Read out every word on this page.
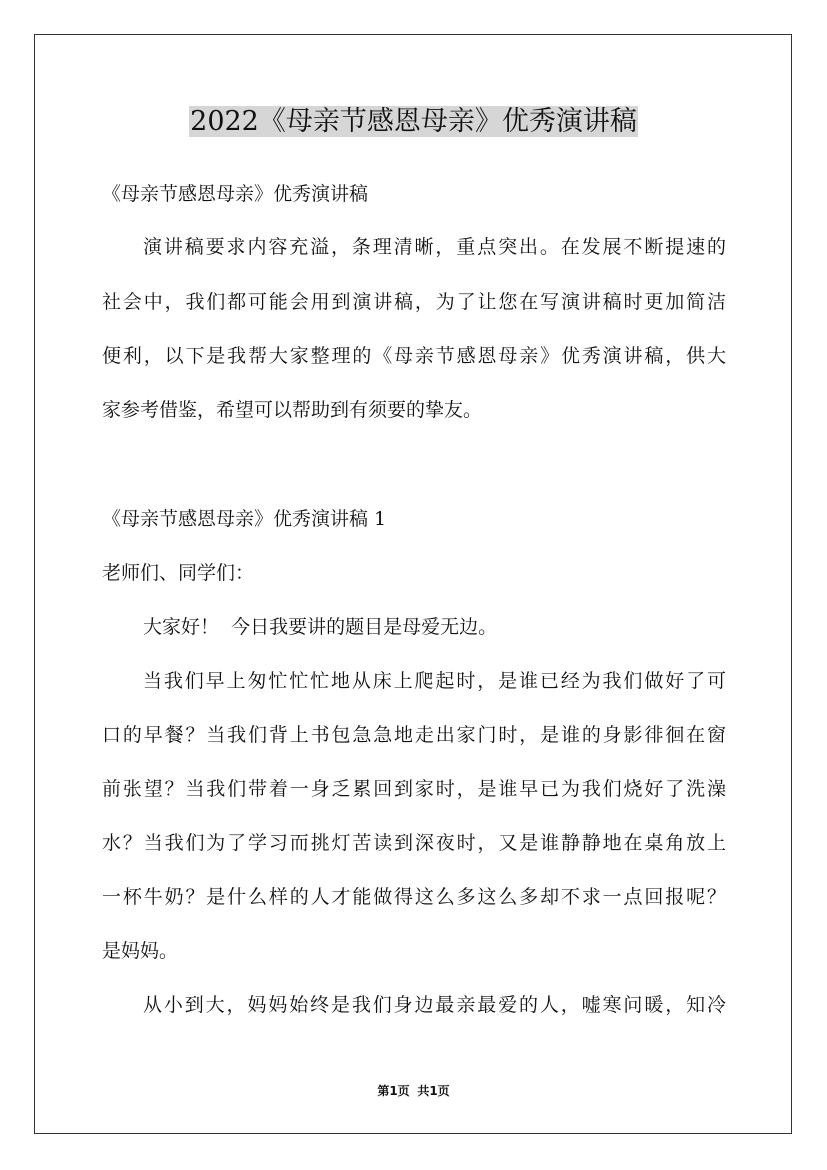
2022《母亲节感恩母亲》优秀演讲稿
《母亲节感恩母亲》优秀演讲稿
演讲稿要求内容充溢，条理清晰，重点突出。在发展不断提速的
社会中，我们都可能会用到演讲稿，为了让您在写演讲稿时更加简洁
便利，以下是我帮大家整理的《母亲节感恩母亲》优秀演讲稿，供大
家参考借鉴，希望可以帮助到有须要的挚友。
《母亲节感恩母亲》优秀演讲稿 1
老师们、同学们：
大家好！  今日我要讲的题目是母爱无边。
当我们早上匆忙忙忙地从床上爬起时，是谁已经为我们做好了可
口的早餐？当我们背上书包急急地走出家门时，是谁的身影徘徊在窗
前张望？当我们带着一身乏累回到家时，是谁早已为我们烧好了洗澡
水？当我们为了学习而挑灯苦读到深夜时，又是谁静静地在桌角放上
一杯牛奶？是什么样的人才能做得这么多这么多却不求一点回报呢？
是妈妈。
从小到大，妈妈始终是我们身边最亲最爱的人，嘘寒问暖，知冷
第1页 共1页
